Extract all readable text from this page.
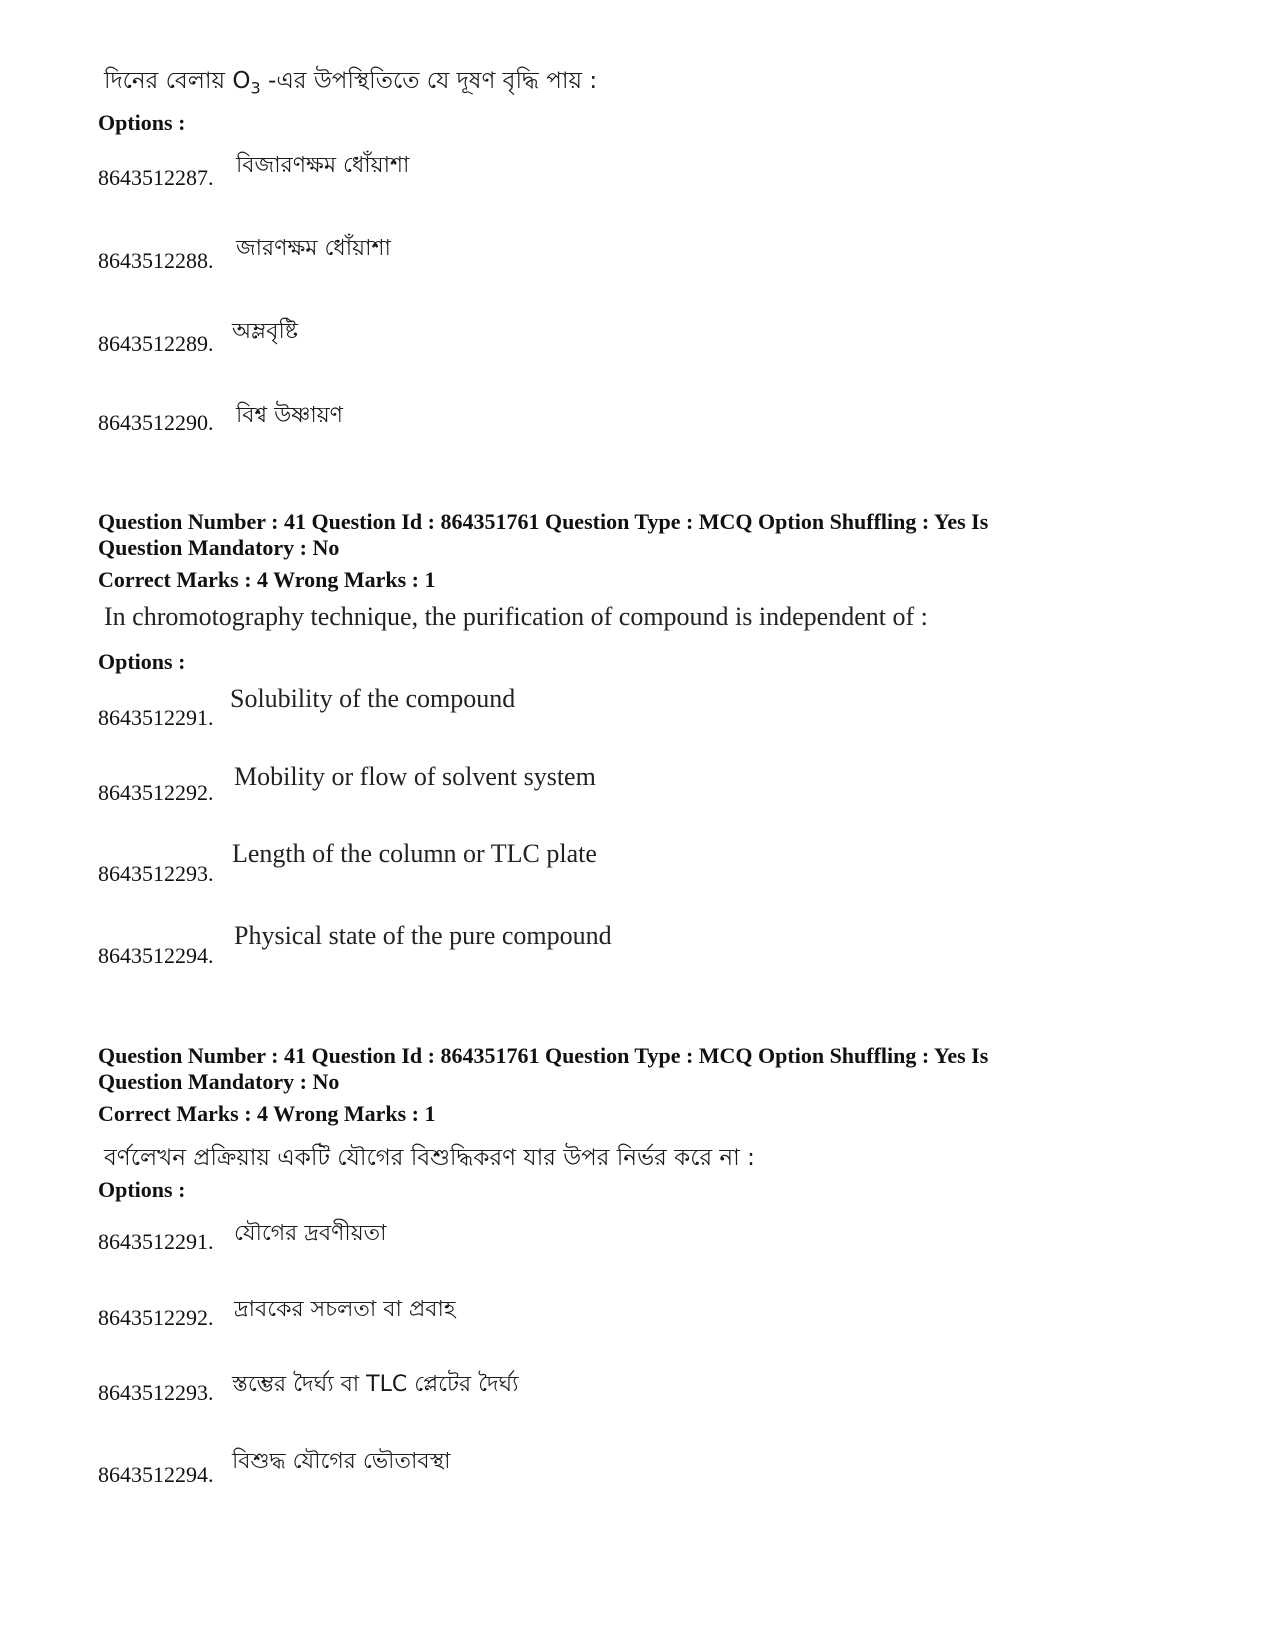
দিনের বেলায় $O_3$ -এর উপস্থিতিতে যে দূষণ বৃদ্ধি পায় :
Options :
8643512287. বিজারণক্ষম ধোঁয়াশা
8643512288. জারণক্ষম ধোঁয়াশা
8643512289. অম্লবৃষ্টি
8643512290. বিশ্ব উষ্ণায়ণ
Question Number : 41 Question Id : 864351761 Question Type : MCQ Option Shuffling : Yes Is
Question Mandatory : No
Correct Marks : 4 Wrong Marks : 1
In chromotography technique, the purification of compound is independent of :
Options :
8643512291.
Solubility of the compound
8643512292.
Mobility or flow of solvent system
8643512293.
Length of the column or TLC plate
8643512294.
Physical state of the pure compound
Question Number : 41 Question Id : 864351761 Question Type : MCQ Option Shuffling : Yes Is
Question Mandatory : No
Correct Marks : 4 Wrong Marks : 1
বর্ণলেখন প্রক্রিয়ায় একটি যৌগের বিশুদ্ধিকরণ যার উপর নির্ভর করে না :
Options :
8643512291. যৌগের দ্রবণীয়তা
8643512292. দ্রাবকের সচলতা বা প্রবাহ
8643512293. স্তম্ভের দৈর্ঘ্য বা TLC প্লেটের দৈর্ঘ্য
8643512294.
বিশুদ্ধ যৌগের ভৌতাবস্থা
